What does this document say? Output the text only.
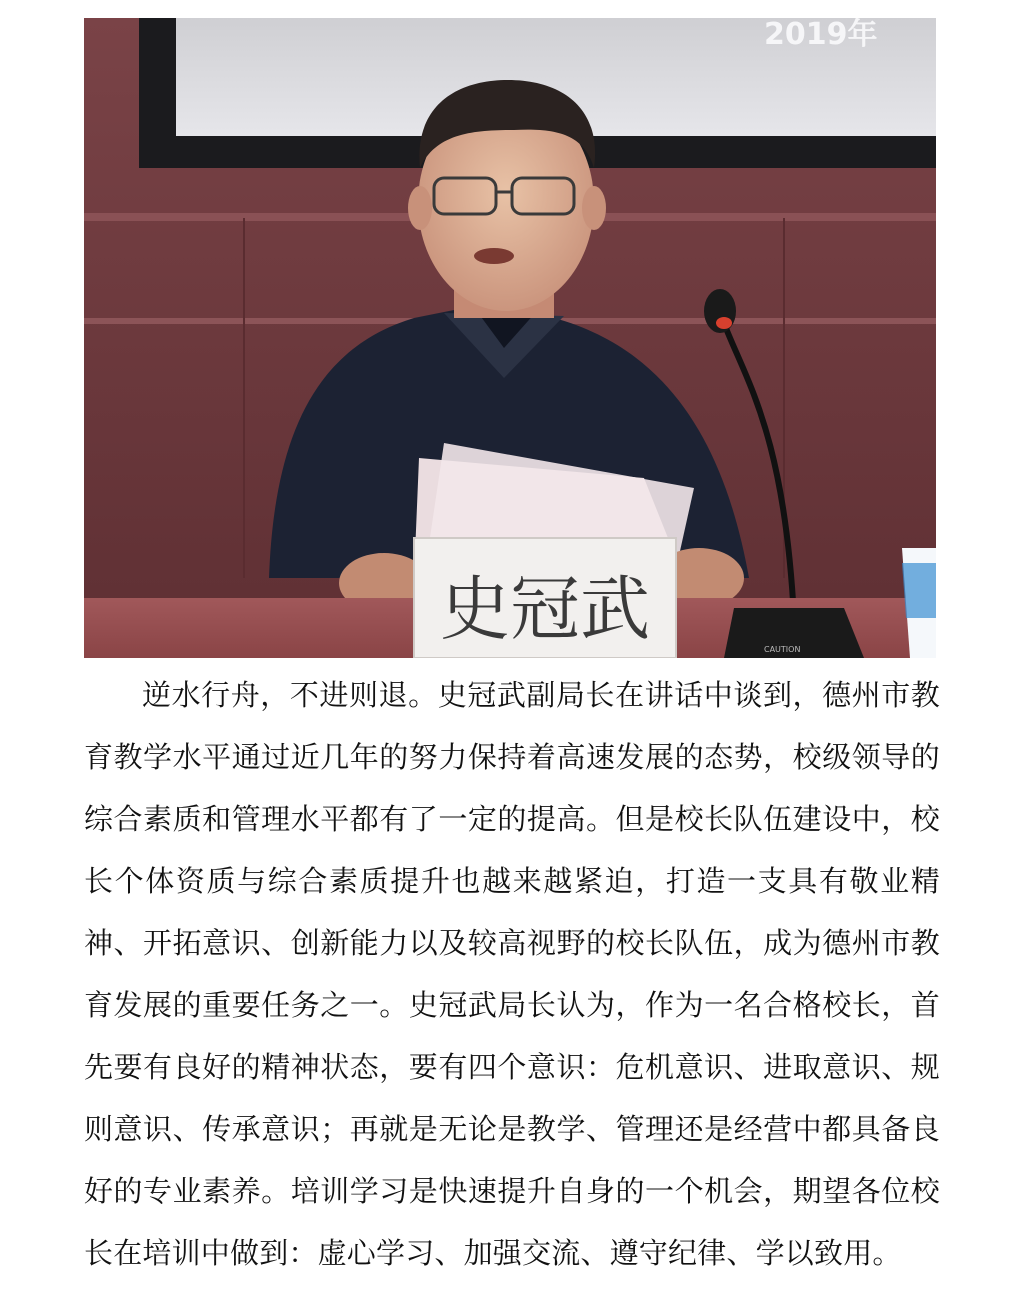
2019年
史冠武	CAUTION

逆水行舟，不进则退。史冠武副局长在讲话中谈到，德州市教育教学水平通过近几年的努力保持着高速发展的态势，校级领导的综合素质和管理水平都有了一定的提高。但是校长队伍建设中，校长个体资质与综合素质提升也越来越紧迫，打造一支具有敬业精神、开拓意识、创新能力以及较高视野的校长队伍，成为德州市教育发展的重要任务之一。史冠武局长认为，作为一名合格校长，首先要有良好的精神状态，要有四个意识：危机意识、进取意识、规则意识、传承意识；再就是无论是教学、管理还是经营中都具备良好的专业素养。培训学习是快速提升自身的一个机会，期望各位校长在培训中做到：虚心学习、加强交流、遵守纪律、学以致用。
